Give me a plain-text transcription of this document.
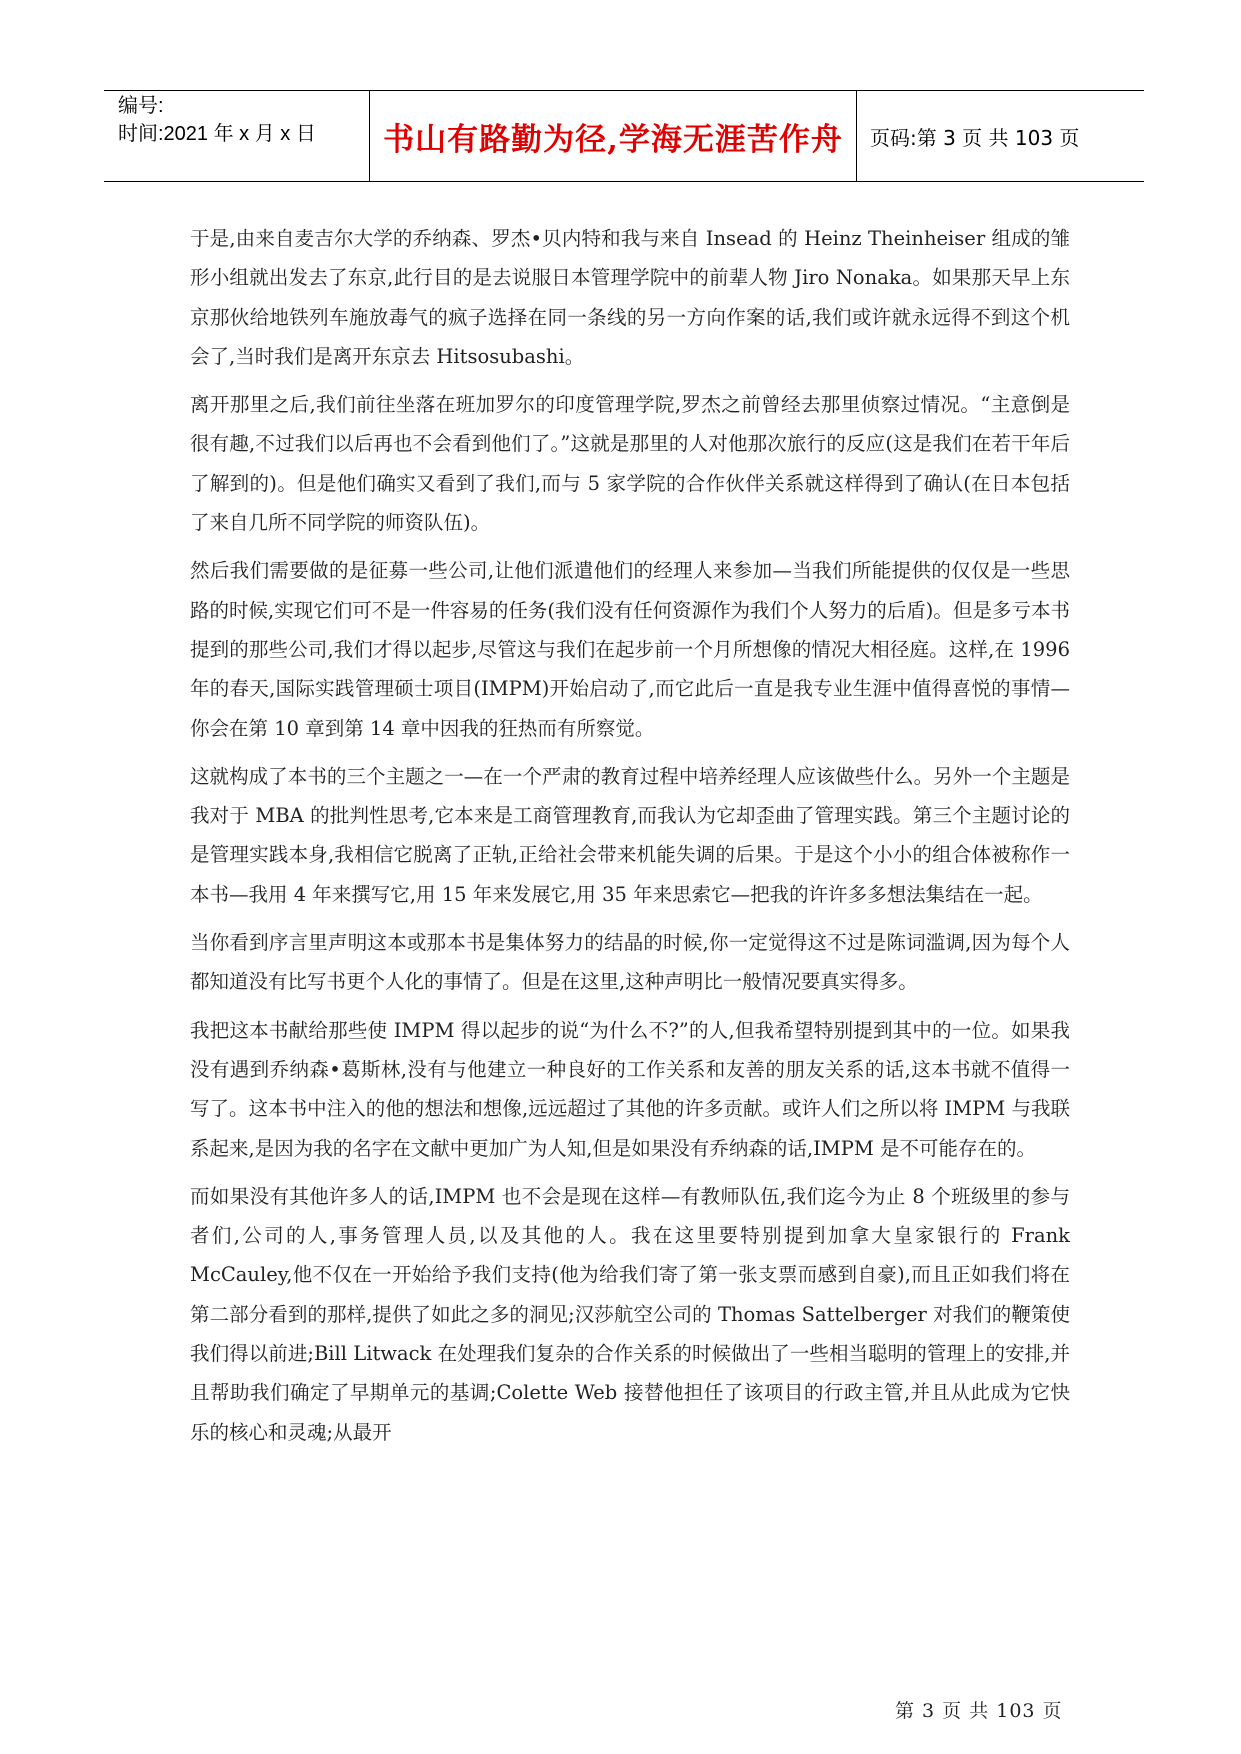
编号:
时间:2021 年 x 月 x 日	书山有路勤为径,学海无涯苦作舟	页码:第 3 页 共 103 页

于是,由来自麦吉尔大学的乔纳森、罗杰•贝内特和我与来自 Insead 的 Heinz Theinheiser 组成的雏形小组就出发去了东京,此行目的是去说服日本管理学院中的前辈人物 Jiro Nonaka。如果那天早上东京那伙给地铁列车施放毒气的疯子选择在同一条线的另一方向作案的话,我们或许就永远得不到这个机会了,当时我们是离开东京去 Hitsosubashi。

离开那里之后,我们前往坐落在班加罗尔的印度管理学院,罗杰之前曾经去那里侦察过情况。“主意倒是很有趣,不过我们以后再也不会看到他们了。”这就是那里的人对他那次旅行的反应(这是我们在若干年后了解到的)。但是他们确实又看到了我们,而与 5 家学院的合作伙伴关系就这样得到了确认(在日本包括了来自几所不同学院的师资队伍)。

然后我们需要做的是征募一些公司,让他们派遣他们的经理人来参加—当我们所能提供的仅仅是一些思路的时候,实现它们可不是一件容易的任务(我们没有任何资源作为我们个人努力的后盾)。但是多亏本书提到的那些公司,我们才得以起步,尽管这与我们在起步前一个月所想像的情况大相径庭。这样,在 1996 年的春天,国际实践管理硕士项目(IMPM)开始启动了,而它此后一直是我专业生涯中值得喜悦的事情—你会在第 10 章到第 14 章中因我的狂热而有所察觉。

这就构成了本书的三个主题之一—在一个严肃的教育过程中培养经理人应该做些什么。另外一个主题是我对于 MBA 的批判性思考,它本来是工商管理教育,而我认为它却歪曲了管理实践。第三个主题讨论的是管理实践本身,我相信它脱离了正轨,正给社会带来机能失调的后果。于是这个小小的组合体被称作一本书—我用 4 年来撰写它,用 15 年来发展它,用 35 年来思索它—把我的许许多多想法集结在一起。

当你看到序言里声明这本或那本书是集体努力的结晶的时候,你一定觉得这不过是陈词滥调,因为每个人都知道没有比写书更个人化的事情了。但是在这里,这种声明比一般情况要真实得多。

我把这本书献给那些使 IMPM 得以起步的说“为什么不?”的人,但我希望特别提到其中的一位。如果我没有遇到乔纳森•葛斯林,没有与他建立一种良好的工作关系和友善的朋友关系的话,这本书就不值得一写了。这本书中注入的他的想法和想像,远远超过了其他的许多贡献。或许人们之所以将 IMPM 与我联系起来,是因为我的名字在文献中更加广为人知,但是如果没有乔纳森的话,IMPM 是不可能存在的。

而如果没有其他许多人的话,IMPM 也不会是现在这样—有教师队伍,我们迄今为止 8 个班级里的参与者们,公司的人,事务管理人员,以及其他的人。我在这里要特别提到加拿大皇家银行的 Frank McCauley,他不仅在一开始给予我们支持(他为给我们寄了第一张支票而感到自豪),而且正如我们将在第二部分看到的那样,提供了如此之多的洞见;汉莎航空公司的 Thomas Sattelberger 对我们的鞭策使我们得以前进;Bill Litwack 在处理我们复杂的合作关系的时候做出了一些相当聪明的管理上的安排,并且帮助我们确定了早期单元的基调;Colette Web 接替他担任了该项目的行政主管,并且从此成为它快乐的核心和灵魂;从最开

第 3 页 共 103 页
